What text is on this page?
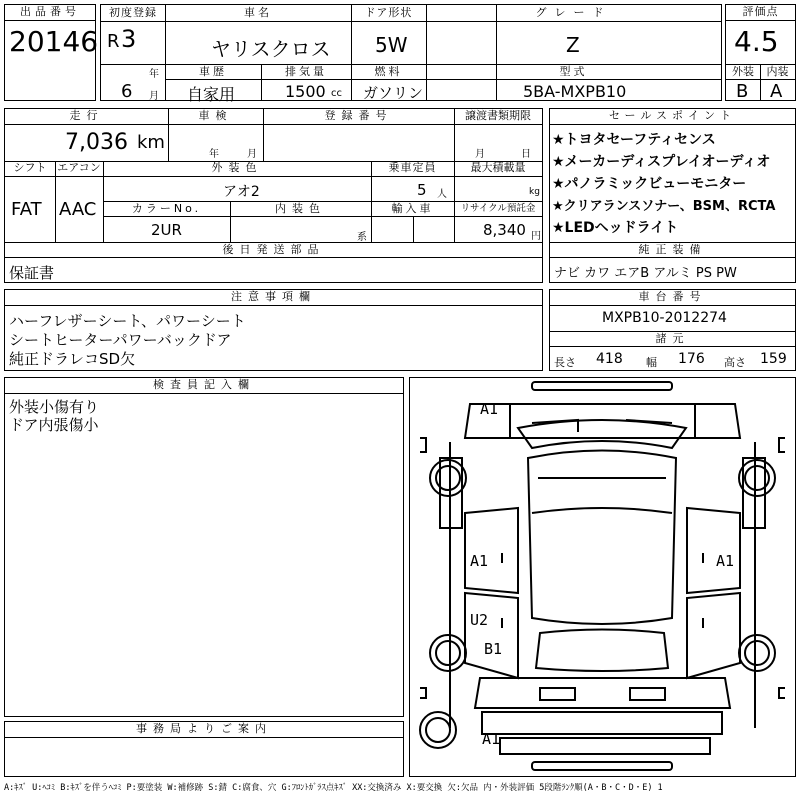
出品番号
20146
初度登録
R 3
年
6 月
車名
ヤリスクロス
ドア形状
5W
グレード
Z
車歴
自家用
排気量
1500 cc
燃料
ガソリン
型式
5BA-MXPB10
評価点
4.5
外装	内装
B A
走行
7,036 km
車検
年	月
登録番号	譲渡書類期限
月	日
シフト
FAT
エアコン
AAC
外装色
アオ2
乗車定員
5 人
最大積載量
kg
カラーNo.
2UR
内装色
系
輸入車	リサイクル預託金
8,340 円
後日発送部品
保証書
セールスポイント
★トヨタセーフティセンス
★メーカーディスプレイオーディオ
★パノラミックビューモニター
★クリアランスソナー、BSM、RCTA
★LEDヘッドライト
純正装備
ナビ カワ エアB アルミ PS PW
注意事項欄
ハーフレザーシート、パワーシート
シートヒーターパワーバックドア
純正ドラレコSD欠
車台番号
MXPB10-2012274
諸元
長さ 418 幅 176 高さ 159
検査員記入欄
外装小傷有り
ドア内張傷小
事務局よりご案内
A1
A1	A1
U2
B1
A1
A:ｷｽﾞ U:ﾍｺﾐ B:ｷｽﾞを伴うﾍｺﾐ P:要塗装 W:補修跡 S:錆 C:腐食、穴 G:ﾌﾛﾝﾄｶﾞﾗｽ点ｷｽﾞ XX:交換済み X:要交換 欠:欠品 内・外装評価 5段階ﾗﾝｸ順(A・B・C・D・E) 1
